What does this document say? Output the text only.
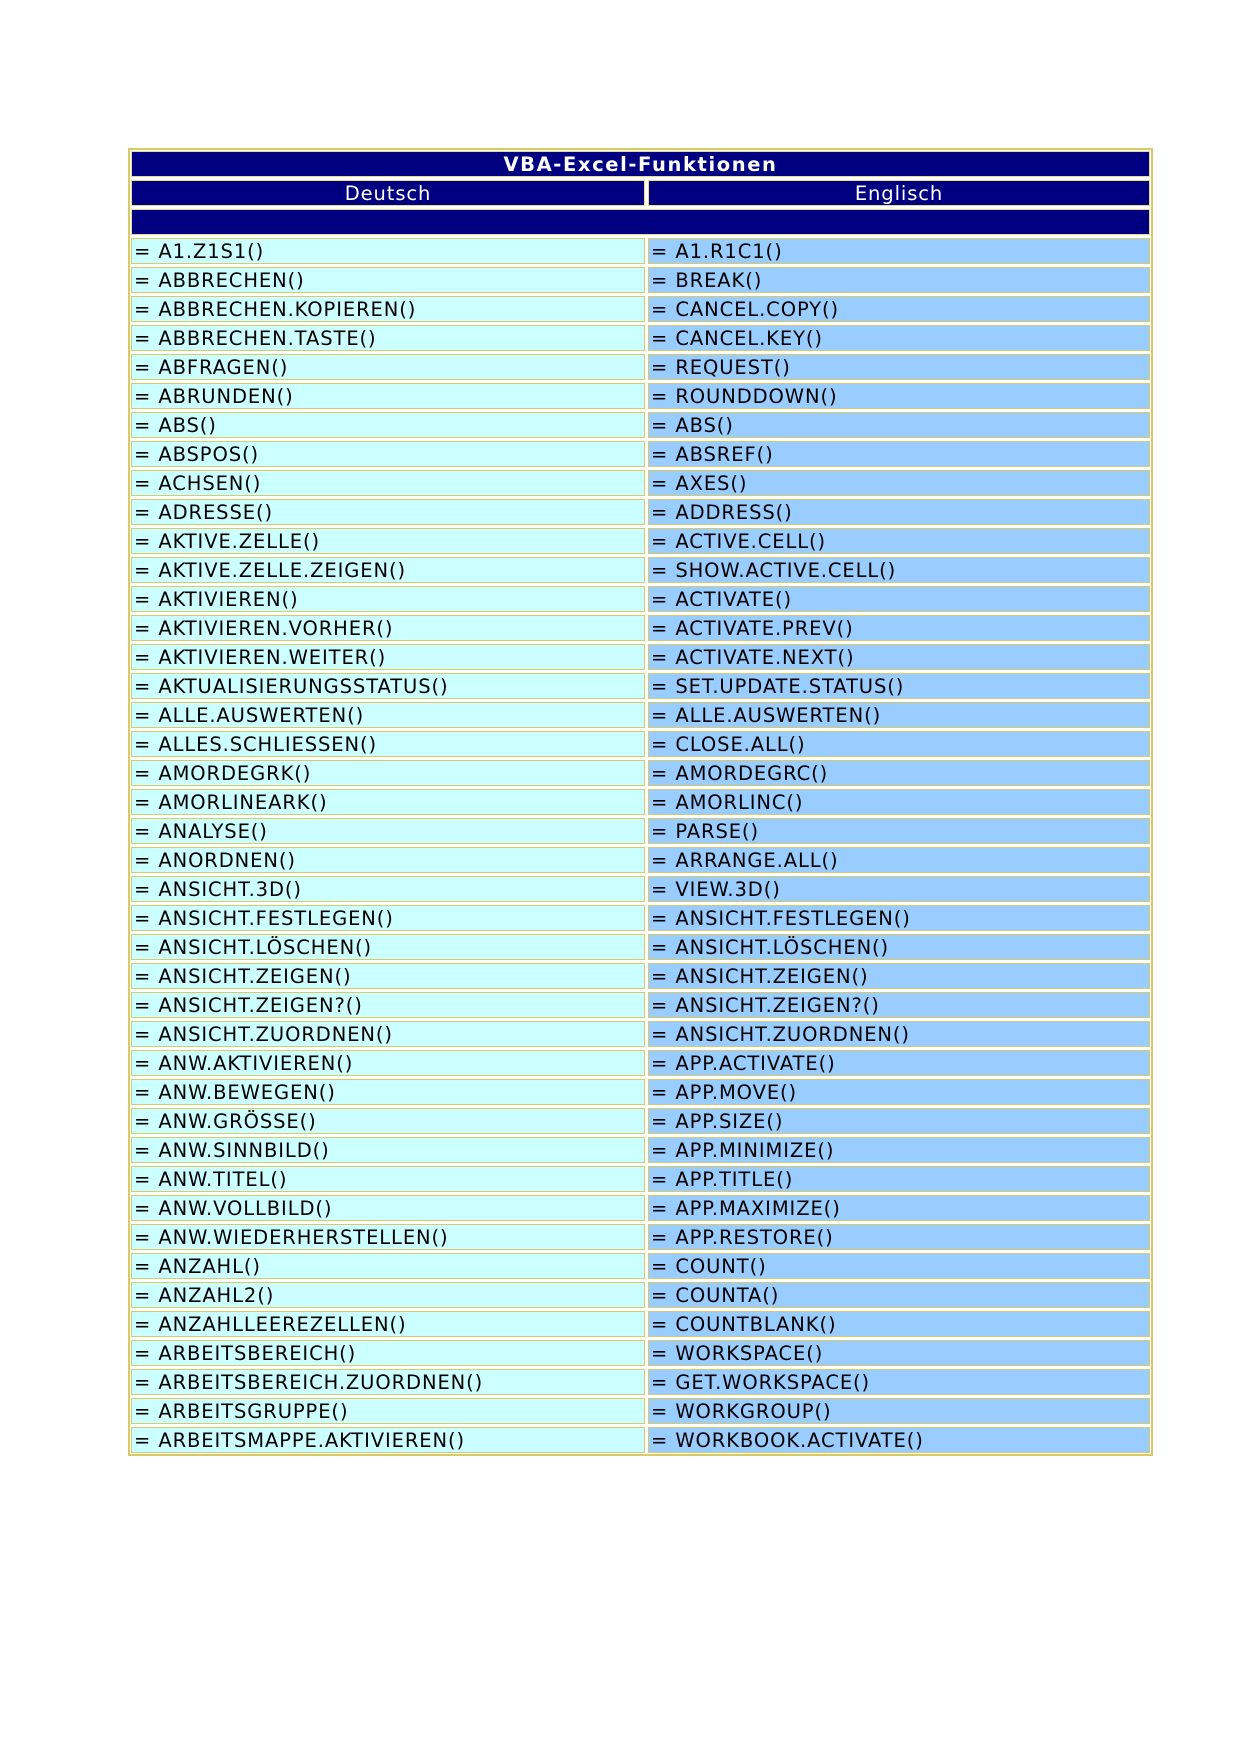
VBA-Excel-Funktionen
Deutsch	Englisch
= A1.Z1S1()	= A1.R1C1()
= ABBRECHEN()	= BREAK()
= ABBRECHEN.KOPIEREN()	= CANCEL.COPY()
= ABBRECHEN.TASTE()	= CANCEL.KEY()
= ABFRAGEN()	= REQUEST()
= ABRUNDEN()	= ROUNDDOWN()
= ABS()	= ABS()
= ABSPOS()	= ABSREF()
= ACHSEN()	= AXES()
= ADRESSE()	= ADDRESS()
= AKTIVE.ZELLE()	= ACTIVE.CELL()
= AKTIVE.ZELLE.ZEIGEN()	= SHOW.ACTIVE.CELL()
= AKTIVIEREN()	= ACTIVATE()
= AKTIVIEREN.VORHER()	= ACTIVATE.PREV()
= AKTIVIEREN.WEITER()	= ACTIVATE.NEXT()
= AKTUALISIERUNGSSTATUS()	= SET.UPDATE.STATUS()
= ALLE.AUSWERTEN()	= ALLE.AUSWERTEN()
= ALLES.SCHLIESSEN()	= CLOSE.ALL()
= AMORDEGRK()	= AMORDEGRC()
= AMORLINEARK()	= AMORLINC()
= ANALYSE()	= PARSE()
= ANORDNEN()	= ARRANGE.ALL()
= ANSICHT.3D()	= VIEW.3D()
= ANSICHT.FESTLEGEN()	= ANSICHT.FESTLEGEN()
= ANSICHT.LÖSCHEN()	= ANSICHT.LÖSCHEN()
= ANSICHT.ZEIGEN()	= ANSICHT.ZEIGEN()
= ANSICHT.ZEIGEN?()	= ANSICHT.ZEIGEN?()
= ANSICHT.ZUORDNEN()	= ANSICHT.ZUORDNEN()
= ANW.AKTIVIEREN()	= APP.ACTIVATE()
= ANW.BEWEGEN()	= APP.MOVE()
= ANW.GRÖSSE()	= APP.SIZE()
= ANW.SINNBILD()	= APP.MINIMIZE()
= ANW.TITEL()	= APP.TITLE()
= ANW.VOLLBILD()	= APP.MAXIMIZE()
= ANW.WIEDERHERSTELLEN()	= APP.RESTORE()
= ANZAHL()	= COUNT()
= ANZAHL2()	= COUNTA()
= ANZAHLLEEREZELLEN()	= COUNTBLANK()
= ARBEITSBEREICH()	= WORKSPACE()
= ARBEITSBEREICH.ZUORDNEN()	= GET.WORKSPACE()
= ARBEITSGRUPPE()	= WORKGROUP()
= ARBEITSMAPPE.AKTIVIEREN()	= WORKBOOK.ACTIVATE()
